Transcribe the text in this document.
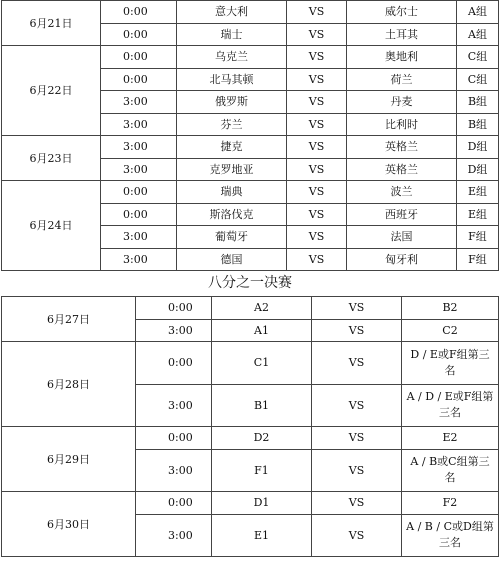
6月21日	0:00	意大利	VS	威尔士	A组
	0:00	瑞士	VS	土耳其	A组
6月22日	0:00	乌克兰	VS	奥地利	C组
	0:00	北马其顿	VS	荷兰	C组
	3:00	俄罗斯	VS	丹麦	B组
	3:00	芬兰	VS	比利时	B组
6月23日	3:00	捷克	VS	英格兰	D组
	3:00	克罗地亚	VS	英格兰	D组
6月24日	0:00	瑞典	VS	波兰	E组
	0:00	斯洛伐克	VS	西班牙	E组
	3:00	葡萄牙	VS	法国	F组
	3:00	德国	VS	匈牙利	F组
八分之一决赛
6月27日	0:00	A2	VS	B2
	3:00	A1	VS	C2
6月28日	0:00	C1	VS	D / E或F组第三名
	3:00	B1	VS	A / D / E或F组第三名
6月29日	0:00	D2	VS	E2
	3:00	F1	VS	A / B或C组第三名
6月30日	0:00	D1	VS	F2
	3:00	E1	VS	A / B / C或D组第三名
